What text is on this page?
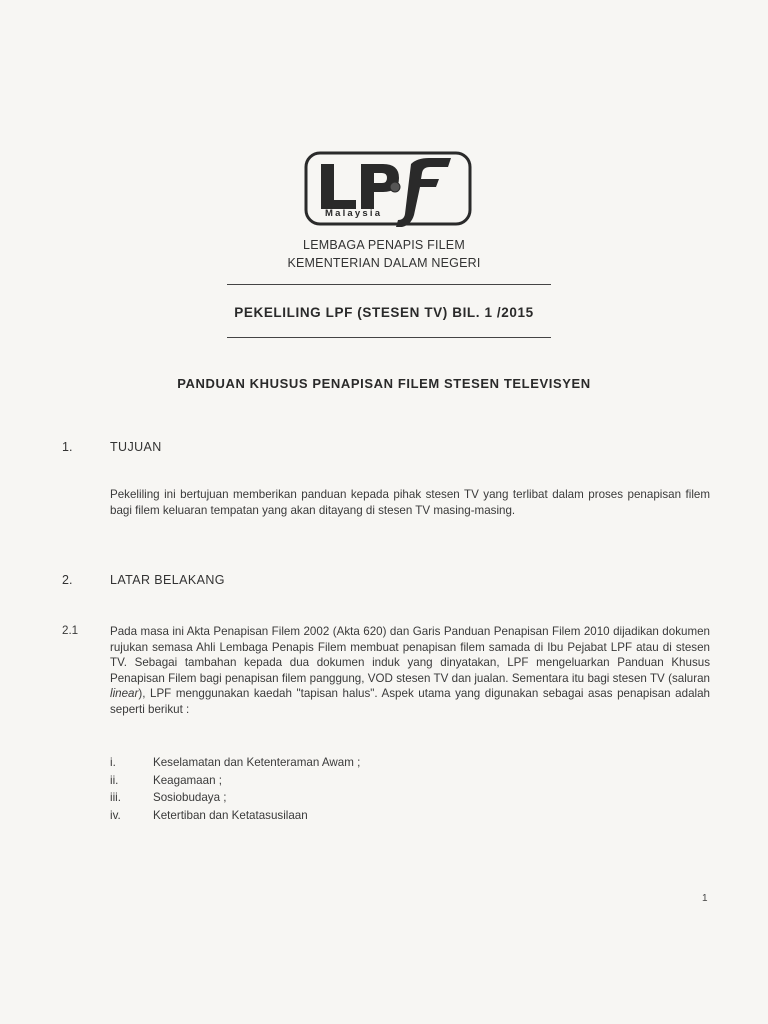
Malaysia
LEMBAGA PENAPIS FILEM
KEMENTERIAN DALAM NEGERI
PEKELILING LPF (STESEN TV) BIL. 1 /2015
PANDUAN KHUSUS PENAPISAN FILEM STESEN TELEVISYEN
1.	TUJUAN
Pekeliling ini bertujuan memberikan panduan kepada pihak stesen TV yang terlibat dalam proses penapisan filem bagi filem keluaran tempatan yang akan ditayang di stesen TV masing-masing.
2.	LATAR BELAKANG
2.1	Pada masa ini Akta Penapisan Filem 2002 (Akta 620) dan Garis Panduan Penapisan Filem 2010 dijadikan dokumen rujukan semasa Ahli Lembaga Penapis Filem membuat penapisan filem samada di Ibu Pejabat LPF atau di stesen TV. Sebagai tambahan kepada dua dokumen induk yang dinyatakan, LPF mengeluarkan Panduan Khusus Penapisan Filem bagi penapisan filem panggung, VOD stesen TV dan jualan. Sementara itu bagi stesen TV (saluran linear), LPF menggunakan kaedah "tapisan halus". Aspek utama yang digunakan sebagai asas penapisan adalah seperti berikut :
i.	Keselamatan dan Ketenteraman Awam ;
ii.	Keagamaan ;
iii.	Sosiobudaya ;
iv.	Ketertiban dan Ketatasusilaan
1
